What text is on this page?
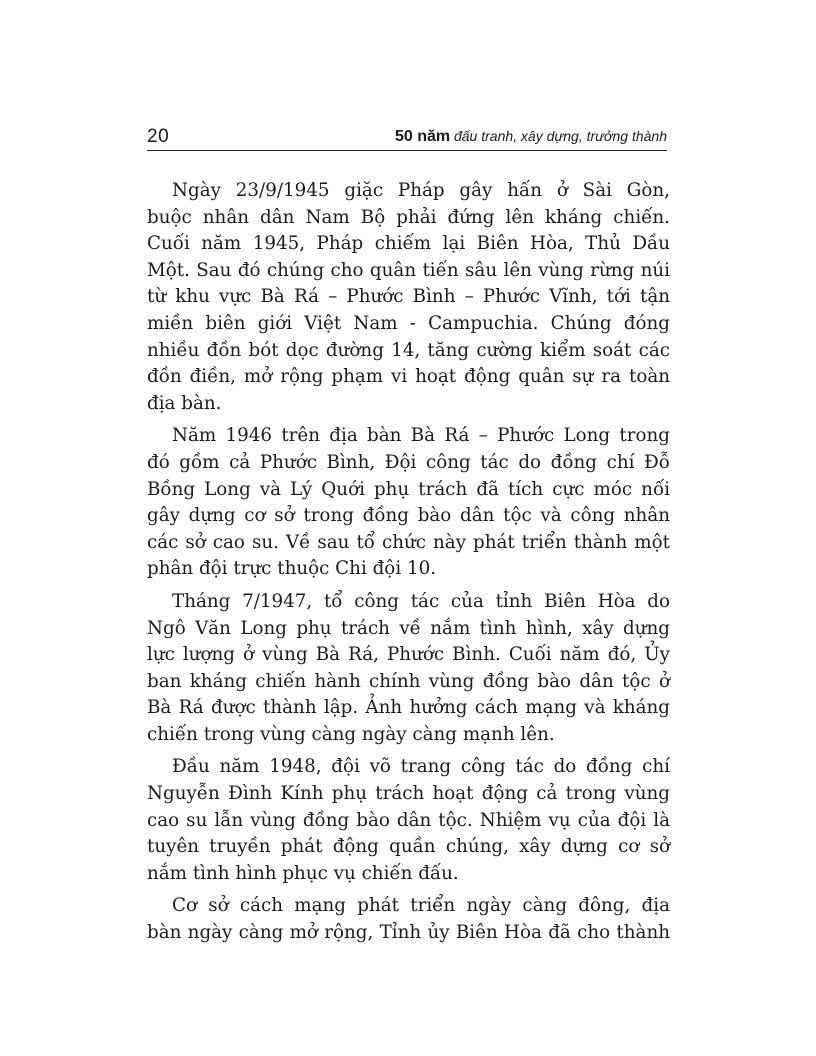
20	50 năm đấu tranh, xây dựng, trưởng thành
Ngày 23/9/1945 giặc Pháp gây hấn ở Sài Gòn,
buộc nhân dân Nam Bộ phải đứng lên kháng chiến.
Cuối năm 1945, Pháp chiếm lại Biên Hòa, Thủ Dầu
Một. Sau đó chúng cho quân tiến sâu lên vùng rừng núi
từ khu vực Bà Rá – Phước Bình – Phước Vĩnh, tới tận
miền biên giới Việt Nam - Campuchia. Chúng đóng
nhiều đồn bót dọc đường 14, tăng cường kiểm soát các
đồn điền, mở rộng phạm vi hoạt động quân sự ra toàn
địa bàn.
Năm 1946 trên địa bàn Bà Rá – Phước Long trong
đó gồm cả Phước Bình, Đội công tác do đồng chí Đỗ
Bồng Long và Lý Quới phụ trách đã tích cực móc nối
gây dựng cơ sở trong đồng bào dân tộc và công nhân
các sở cao su. Về sau tổ chức này phát triển thành một
phân đội trực thuộc Chi đội 10.
Tháng 7/1947, tổ công tác của tỉnh Biên Hòa do
Ngô Văn Long phụ trách về nắm tình hình, xây dựng
lực lượng ở vùng Bà Rá, Phước Bình. Cuối năm đó, Ủy
ban kháng chiến hành chính vùng đồng bào dân tộc ở
Bà Rá được thành lập. Ảnh hưởng cách mạng và kháng
chiến trong vùng càng ngày càng mạnh lên.
Đầu năm 1948, đội võ trang công tác do đồng chí
Nguyễn Đình Kính phụ trách hoạt động cả trong vùng
cao su lẫn vùng đồng bào dân tộc. Nhiệm vụ của đội là
tuyên truyền phát động quần chúng, xây dựng cơ sở
nắm tình hình phục vụ chiến đấu.
Cơ sở cách mạng phát triển ngày càng đông, địa
bàn ngày càng mở rộng, Tỉnh ủy Biên Hòa đã cho thành
